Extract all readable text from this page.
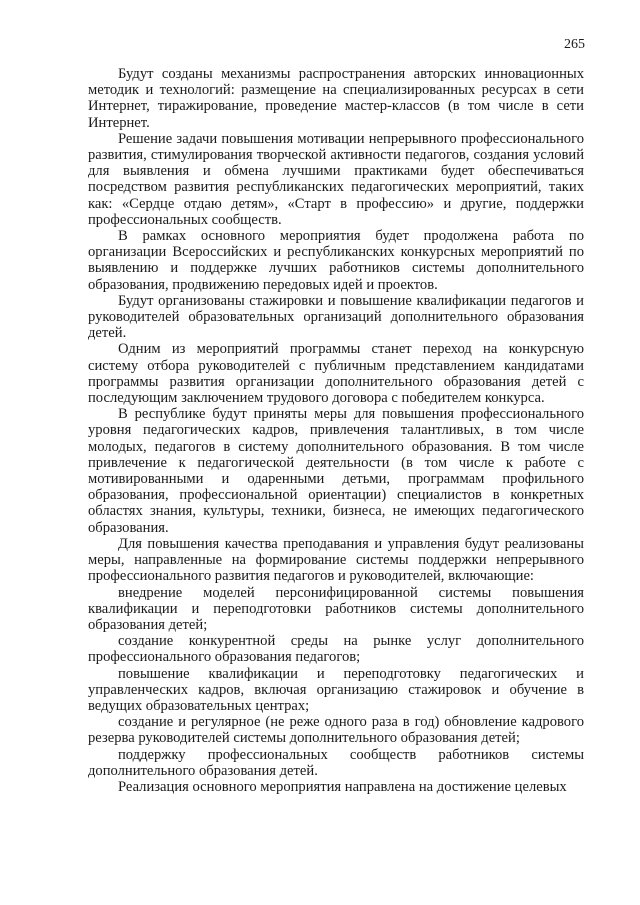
265

Будут созданы механизмы распространения авторских инновационных методик и технологий: размещение на специализированных ресурсах в сети Интернет, тиражирование, проведение мастер-классов (в том числе в сети Интернет.

Решение задачи повышения мотивации непрерывного профессионального развития, стимулирования творческой активности педагогов, создания условий для выявления и обмена лучшими практиками будет обеспечиваться посредством развития республиканских педагогических мероприятий, таких как: «Сердце отдаю детям», «Старт в профессию» и другие, поддержки профессиональных сообществ.

В рамках основного мероприятия будет продолжена работа по организации Всероссийских и республиканских конкурсных мероприятий по выявлению и поддержке лучших работников системы дополнительного образования, продвижению передовых идей и проектов.

Будут организованы стажировки и повышение квалификации педагогов и руководителей образовательных организаций дополнительного образования детей.

Одним из мероприятий программы станет переход на конкурсную систему отбора руководителей с публичным представлением кандидатами программы развития организации дополнительного образования детей с последующим заключением трудового договора с победителем конкурса.

В республике будут приняты меры для повышения профессионального уровня педагогических кадров, привлечения талантливых, в том числе молодых, педагогов в систему дополнительного образования. В том числе привлечение к педагогической деятельности (в том числе к работе с мотивированными и одаренными детьми, программам профильного образования, профессиональной ориентации) специалистов в конкретных областях знания, культуры, техники, бизнеса, не имеющих педагогического образования.

Для повышения качества преподавания и управления будут реализованы меры, направленные на формирование системы поддержки непрерывного профессионального развития педагогов и руководителей, включающие:

внедрение моделей персонифицированной системы повышения квалификации и переподготовки работников системы дополнительного образования детей;

создание конкурентной среды на рынке услуг дополнительного профессионального образования педагогов;

повышение квалификации и переподготовку педагогических и управленческих кадров, включая организацию стажировок и обучение в ведущих образовательных центрах;

создание и регулярное (не реже одного раза в год) обновление кадрового резерва руководителей системы дополнительного образования детей;

поддержку профессиональных сообществ работников системы дополнительного образования детей.

Реализация основного мероприятия направлена на достижение целевых
